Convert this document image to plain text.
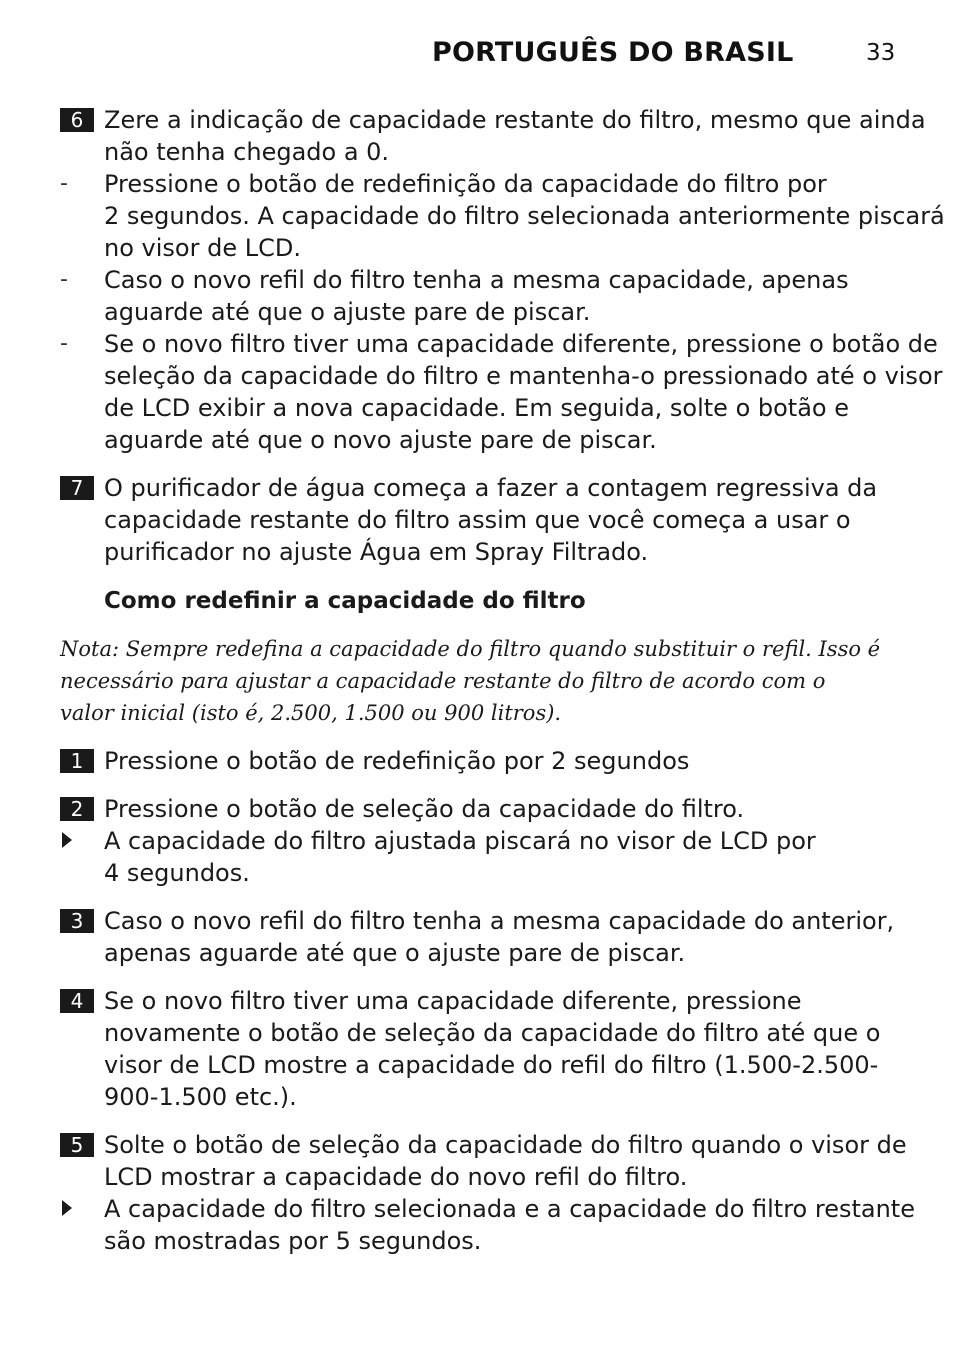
PORTUGUÊS DO BRASIL	33
6 Zere a indicação de capacidade restante do filtro, mesmo que ainda

não tenha chegado a 0.

- Pressione o botão de redefinição da capacidade do filtro por

2 segundos. A capacidade do filtro selecionada anteriormente piscará

no visor de LCD.

- Caso o novo refil do filtro tenha a mesma capacidade, apenas

aguarde até que o ajuste pare de piscar.

- Se o novo filtro tiver uma capacidade diferente, pressione o botão de

seleção da capacidade do filtro e mantenha-o pressionado até o visor

de LCD exibir a nova capacidade. Em seguida, solte o botão e

aguarde até que o novo ajuste pare de piscar.

7 O purificador de água começa a fazer a contagem regressiva da

capacidade restante do filtro assim que você começa a usar o

purificador no ajuste Água em Spray Filtrado.

Como redefinir a capacidade do filtro

Nota: Sempre redefina a capacidade do filtro quando substituir o refil. Isso é

necessário para ajustar a capacidade restante do filtro de acordo com o

valor inicial (isto é, 2.500, 1.500 ou 900 litros).

1 Pressione o botão de redefinição por 2 segundos

2 Pressione o botão de seleção da capacidade do filtro.

A capacidade do filtro ajustada piscará no visor de LCD por

4 segundos.

3 Caso o novo refil do filtro tenha a mesma capacidade do anterior,

apenas aguarde até que o ajuste pare de piscar.

4 Se o novo filtro tiver uma capacidade diferente, pressione

novamente o botão de seleção da capacidade do filtro até que o

visor de LCD mostre a capacidade do refil do filtro (1.500-2.500-

900-1.500 etc.).

5 Solte o botão de seleção da capacidade do filtro quando o visor de

LCD mostrar a capacidade do novo refil do filtro.

A capacidade do filtro selecionada e a capacidade do filtro restante

são mostradas por 5 segundos.
